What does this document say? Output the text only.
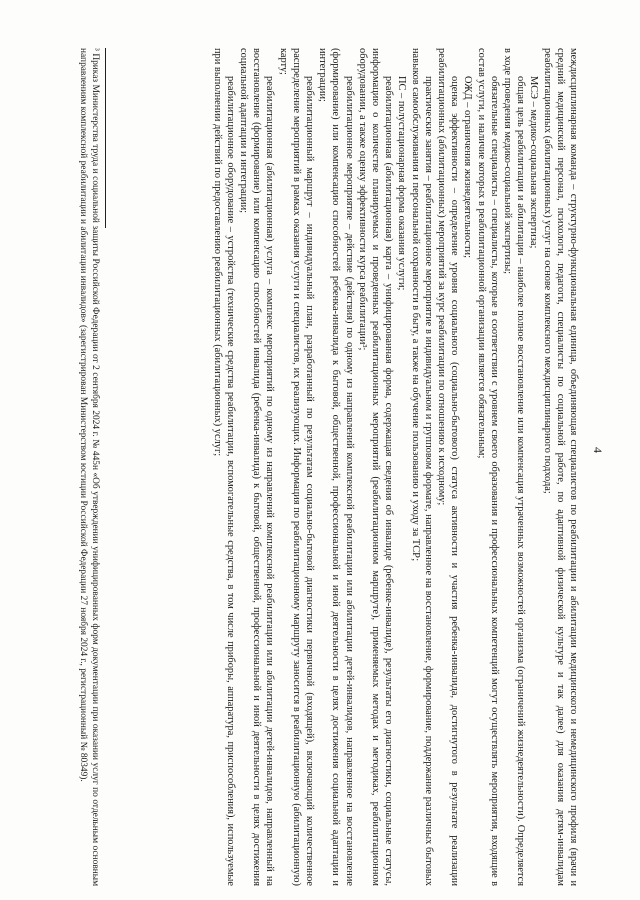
4

междисциплинарная команда – структурно-функциональная единица, объединяющая специалистов по реабилитации и абилитации медицинского и немедицинского профиля (врачи и средний медицинский персонал, психологи, педагоги, специалисты по социальной работе, по адаптивной физической культуре и так далее) для оказания детям-инвалидам реабилитационных (абилитационных) услуг на основе комплексного междисциплинарного подхода;

МСЭ – медико-социальная экспертиза;

общая цель реабилитации и абилитации – наиболее полное восстановление или компенсация утраченных возможностей организма (ограничений жизнедеятельности). Определяется в ходе проведения медико-социальной экспертизы;

обязательные специалисты – специалисты, которые в соответствии с уровнем своего образования и профессиональных компетенций могут осуществлять мероприятия, входящие в состав услуги, и наличие которых в реабилитационной организации является обязательным;

ОЖД – ограничения жизнедеятельности;

оценка эффективности – определение уровня социального (социально-бытового) статуса активности и участия ребенка-инвалида, достигнутого в результате реализации реабилитационных (абилитационных) мероприятий за курс реабилитации по отношению к исходному;

практические занятия – реабилитационное мероприятие в индивидуальном и групповом формате, направленное на восстановление, формирование, поддержание различных бытовых навыков самообслуживания и персональной сохранности в быту, а также на обучение пользованию и уходу за ТСР;

ПС – полустационарная форма оказания услуги;

реабилитационная (абилитационная) карта – унифицированная форма, содержащая сведения об инвалиде (ребенке-инвалиде), результаты его диагностики, социальные статусы, информацию о количестве планируемых и проведенных реабилитационных мероприятий (реабилитационном маршруте), применяемых методах и методиках, реабилитационном оборудовании, а также оценку эффективности курса реабилитации³;

реабилитационное мероприятие – действие (действия) по одному из направлений комплексной реабилитации или абилитации детей-инвалидов, направленное на восстановление (формирование) или компенсацию способностей ребенка-инвалида к бытовой, общественной, профессиональной и иной деятельности в целях достижения социальной адаптации и интеграции;

реабилитационный маршрут – индивидуальный план, разработанный по результатам социально-бытовой диагностики первичной (входящей), включающий количественное распределение мероприятий в рамках оказания услуги и специалистов, их реализующих. Информация по реабилитационному маршруту заносится в реабилитационную (абилитационную) карту;

реабилитационная (абилитационная) услуга – комплекс мероприятий по одному из направлений комплексной реабилитации или абилитации детей-инвалидов, направленный на восстановление (формирование) или компенсацию способностей инвалида (ребенка-инвалида) к бытовой, общественной, профессиональной и иной деятельности в целях достижения социальной адаптации и интеграции;

реабилитационное оборудование – устройства (технические средства реабилитации, вспомогательные средства, в том числе приборы, аппаратура, приспособления), используемые при выполнении действий по предоставлению реабилитационных (абилитационных) услуг;

³ Приказ Министерства труда и социальной защиты Российской Федерации от 2 сентября 2024 г. № 445н «Об утверждении унифицированных форм документации при оказании услуг по отдельным основным направлениям комплексной реабилитации и абилитации инвалидов» (зарегистрирован Министерством юстиции Российской Федерации 27 ноября 2024 г., регистрационный № 80349).
